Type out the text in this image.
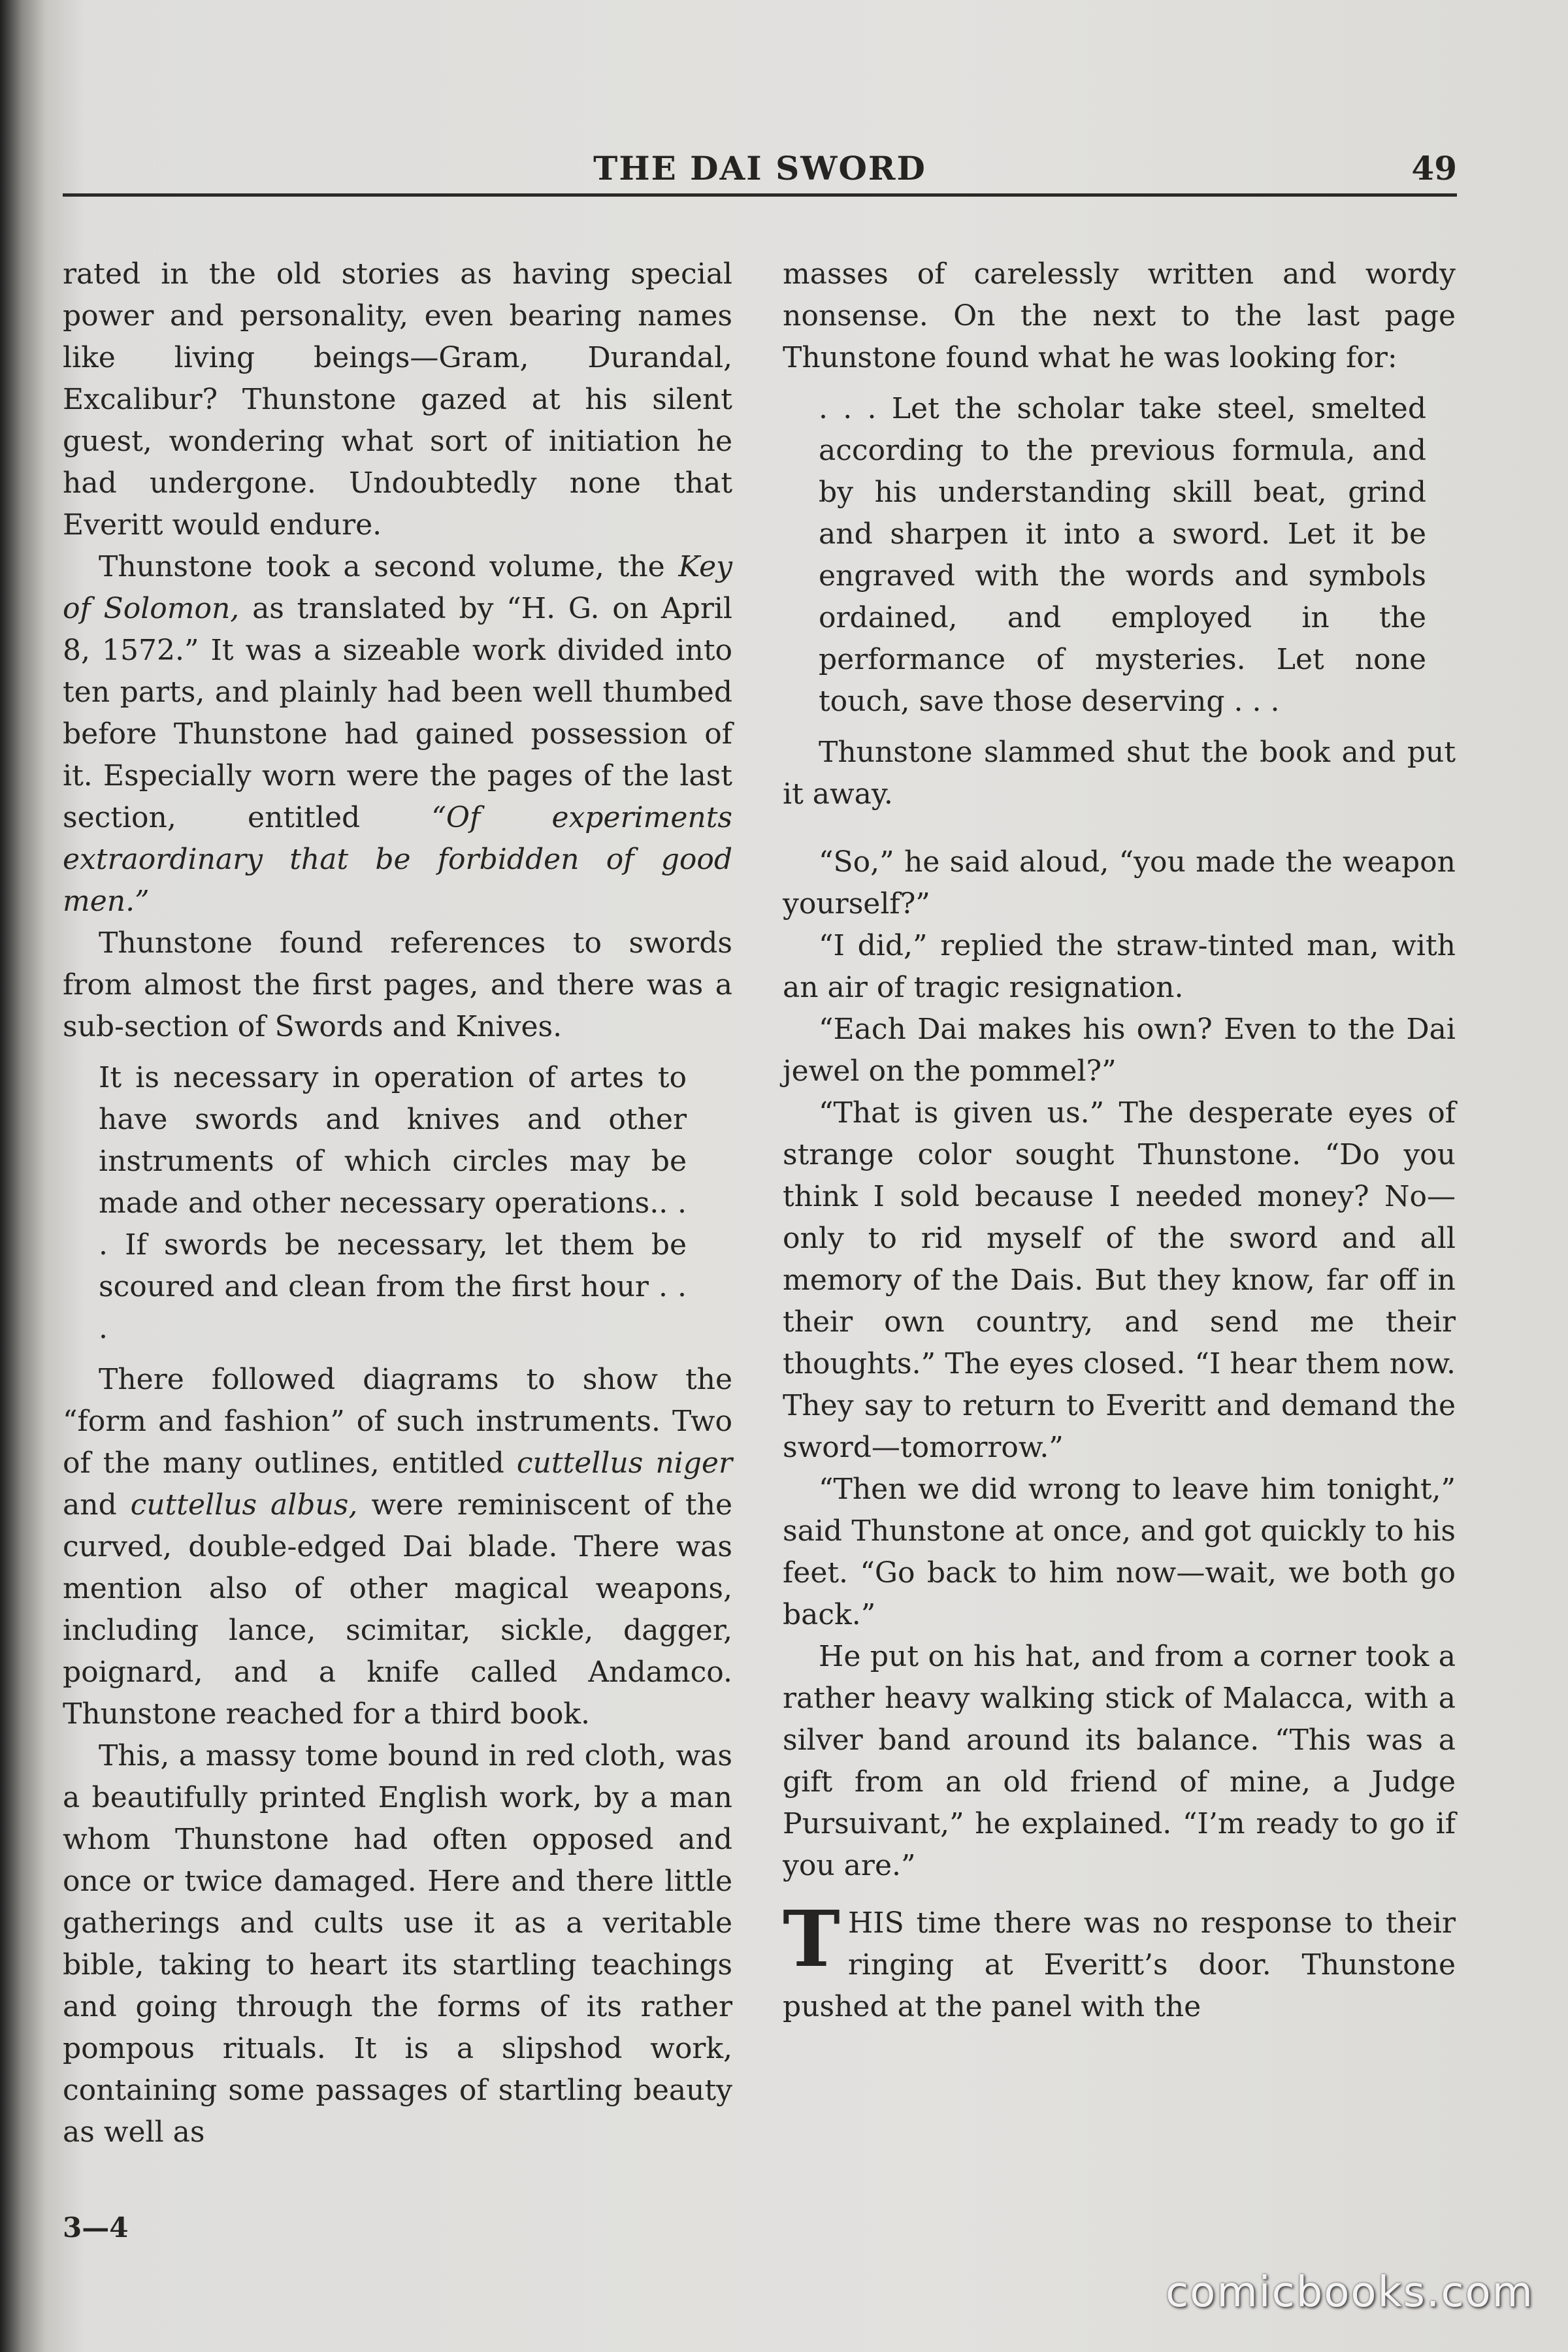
THE DAI SWORD	49

rated in the old stories as having special power and personality, even bearing names like living beings—Gram, Durandal, Excalibur? Thunstone gazed at his silent guest, wondering what sort of initiation he had undergone. Undoubtedly none that Everitt would endure.

Thunstone took a second volume, the Key of Solomon, as translated by “H. G. on April 8, 1572.” It was a sizeable work divided into ten parts, and plainly had been well thumbed before Thunstone had gained possession of it. Especially worn were the pages of the last section, entitled “Of experiments extraordinary that be forbidden of good men.”

Thunstone found references to swords from almost the first pages, and there was a sub-section of Swords and Knives.

It is necessary in operation of artes to have swords and knives and other instruments of which circles may be made and other necessary operations.. . . If swords be necessary, let them be scoured and clean from the first hour . . .

There followed diagrams to show the “form and fashion” of such instruments. Two of the many outlines, entitled cuttellus niger and cuttellus albus, were reminiscent of the curved, double-edged Dai blade. There was mention also of other magical weapons, including lance, scimitar, sickle, dagger, poignard, and a knife called Andamco. Thunstone reached for a third book.

This, a massy tome bound in red cloth, was a beautifully printed English work, by a man whom Thunstone had often opposed and once or twice damaged. Here and there little gatherings and cults use it as a veritable bible, taking to heart its startling teachings and going through the forms of its rather pompous rituals. It is a slipshod work, containing some passages of startling beauty as well as

masses of carelessly written and wordy nonsense. On the next to the last page Thunstone found what he was looking for:

. . . Let the scholar take steel, smelted according to the previous formula, and by his understanding skill beat, grind and sharpen it into a sword. Let it be engraved with the words and symbols ordained, and employed in the performance of mysteries. Let none touch, save those deserving . . .

Thunstone slammed shut the book and put it away.

“So,” he said aloud, “you made the weapon yourself?”

“I did,” replied the straw-tinted man, with an air of tragic resignation.

“Each Dai makes his own? Even to the Dai jewel on the pommel?”

“That is given us.” The desperate eyes of strange color sought Thunstone. “Do you think I sold because I needed money? No—only to rid myself of the sword and all memory of the Dais. But they know, far off in their own country, and send me their thoughts.” The eyes closed. “I hear them now. They say to return to Everitt and demand the sword—tomorrow.”

“Then we did wrong to leave him tonight,” said Thunstone at once, and got quickly to his feet. “Go back to him now—wait, we both go back.”

He put on his hat, and from a corner took a rather heavy walking stick of Malacca, with a silver band around its balance. “This was a gift from an old friend of mine, a Judge Pursuivant,” he explained. “I’m ready to go if you are.”

THIS time there was no response to their ringing at Everitt’s door. Thunstone pushed at the panel with the

3—4
comicbooks.com
